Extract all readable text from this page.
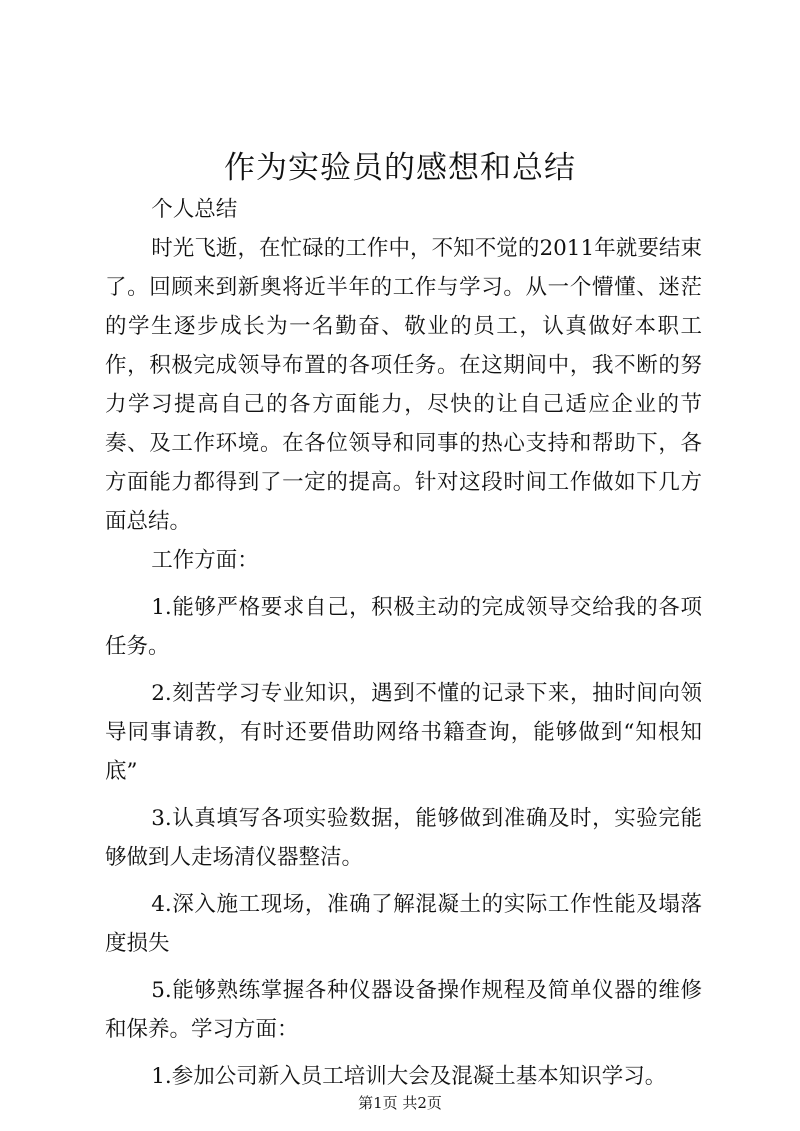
作为实验员的感想和总结

个人总结

时光飞逝，在忙碌的工作中，不知不觉的2011年就要结束了。回顾来到新奥将近半年的工作与学习。从一个懵懂、迷茫的学生逐步成长为一名勤奋、敬业的员工，认真做好本职工作，积极完成领导布置的各项任务。在这期间中，我不断的努力学习提高自己的各方面能力，尽快的让自己适应企业的节奏、及工作环境。在各位领导和同事的热心支持和帮助下，各方面能力都得到了一定的提高。针对这段时间工作做如下几方面总结。

工作方面：

1.能够严格要求自己，积极主动的完成领导交给我的各项任务。

2.刻苦学习专业知识，遇到不懂的记录下来，抽时间向领导同事请教，有时还要借助网络书籍查询，能够做到“知根知底”

3.认真填写各项实验数据，能够做到准确及时，实验完能够做到人走场清仪器整洁。

4.深入施工现场，准确了解混凝土的实际工作性能及塌落度损失

5.能够熟练掌握各种仪器设备操作规程及简单仪器的维修和保养。学习方面：

1.参加公司新入员工培训大会及混凝土基本知识学习。

第1页 共2页
